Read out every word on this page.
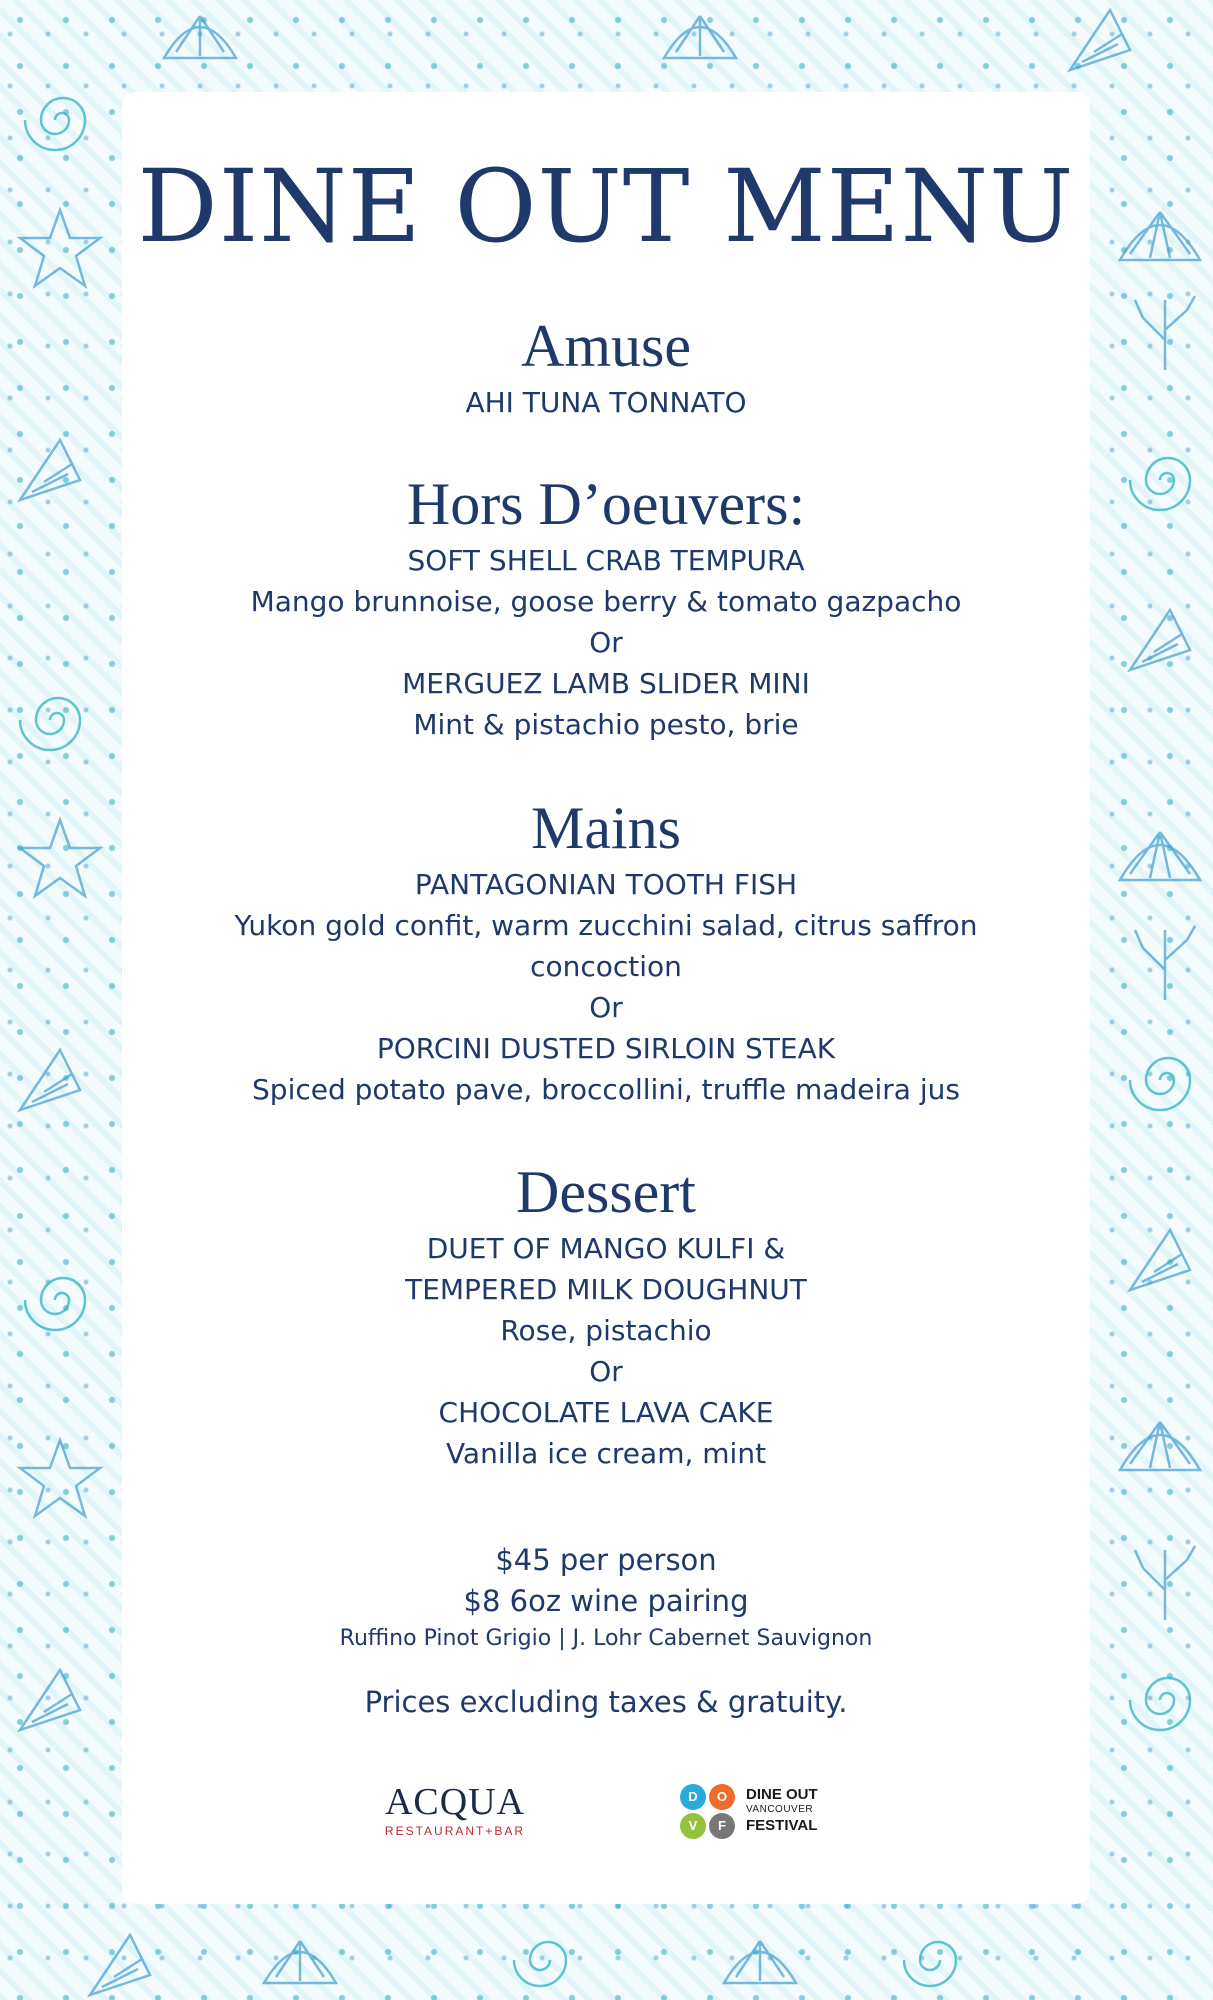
DINE OUT MENU

Amuse

AHI TUNA TONNATO

Hors D’oeuvers:

SOFT SHELL CRAB TEMPURA

Mango brunnoise, goose berry & tomato gazpacho

Or

MERGUEZ LAMB SLIDER MINI

Mint & pistachio pesto, brie

Mains

PANTAGONIAN TOOTH FISH

Yukon gold confit, warm zucchini salad, citrus saffron

concoction

Or

PORCINI DUSTED SIRLOIN STEAK

Spiced potato pave, broccollini, truffle madeira jus

Dessert

DUET OF MANGO KULFI &

TEMPERED MILK DOUGHNUT

Rose, pistachio

Or

CHOCOLATE LAVA CAKE

Vanilla ice cream, mint

$45 per person

$8 6oz wine pairing

Ruffino Pinot Grigio | J. Lohr Cabernet Sauvignon

Prices excluding taxes & gratuity.

ACQUA
RESTAURANT+BAR
D	O
V	F
DINE OUT
VANCOUVER
FESTIVAL
